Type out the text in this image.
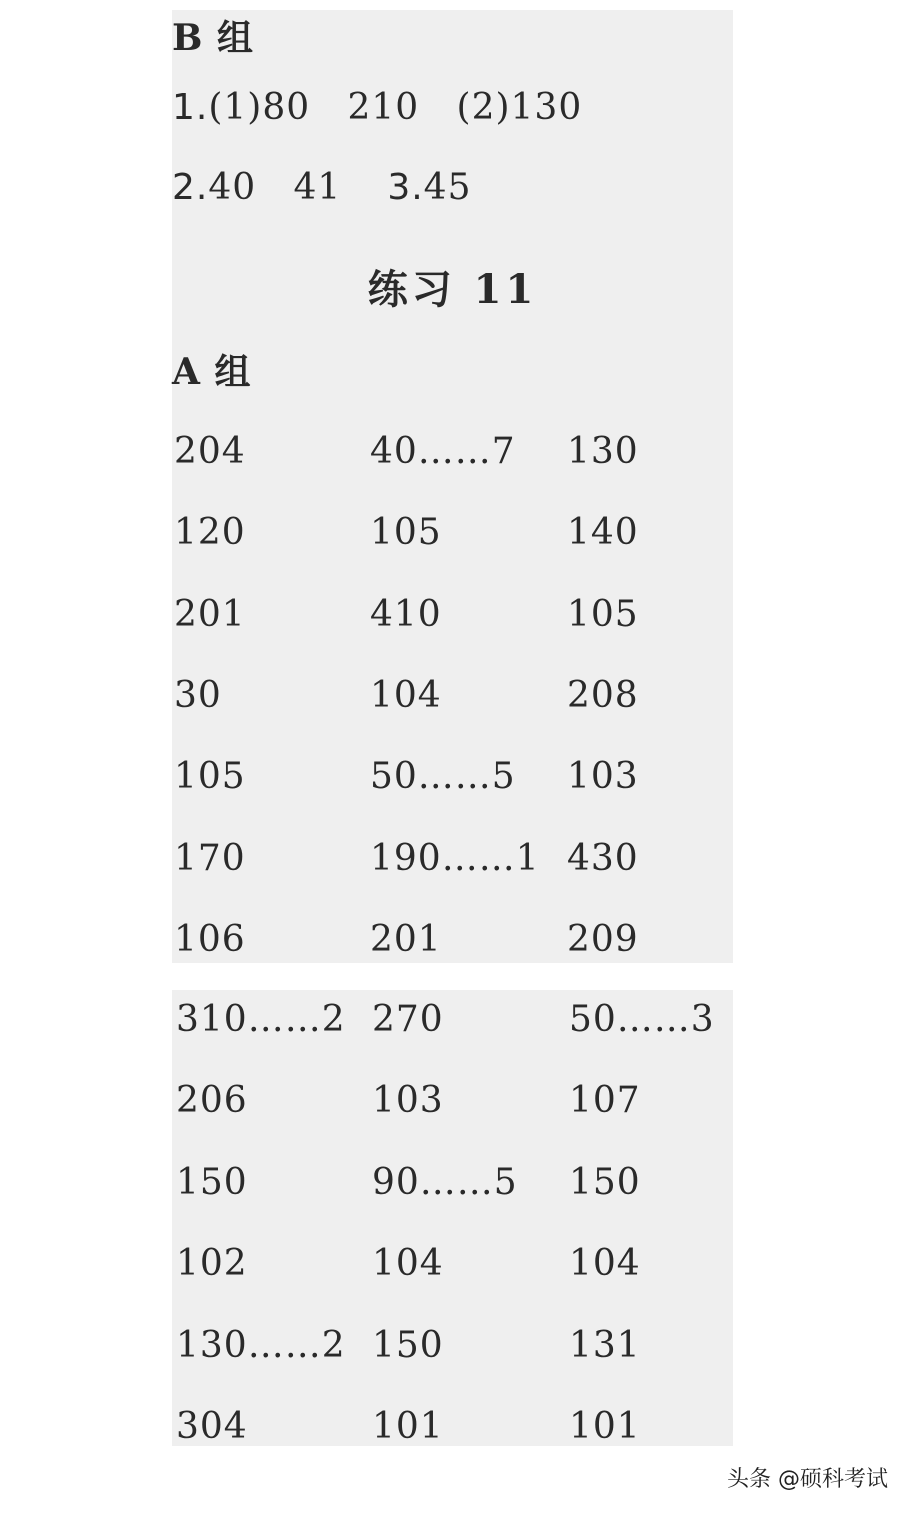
B 组
1.(1)80   210   (2)130
2.40   41 3.45
练习 11
A 组
204	40……7 130
120	105	140
201	410	105
30	104	208
105	50……5 103
170	190……1 430
106	201	209
310……2 270	50……3
206	103	107
150	90……5 150
102	104	104
130……2 150	131
304	101	101
头条 @硕科考试
